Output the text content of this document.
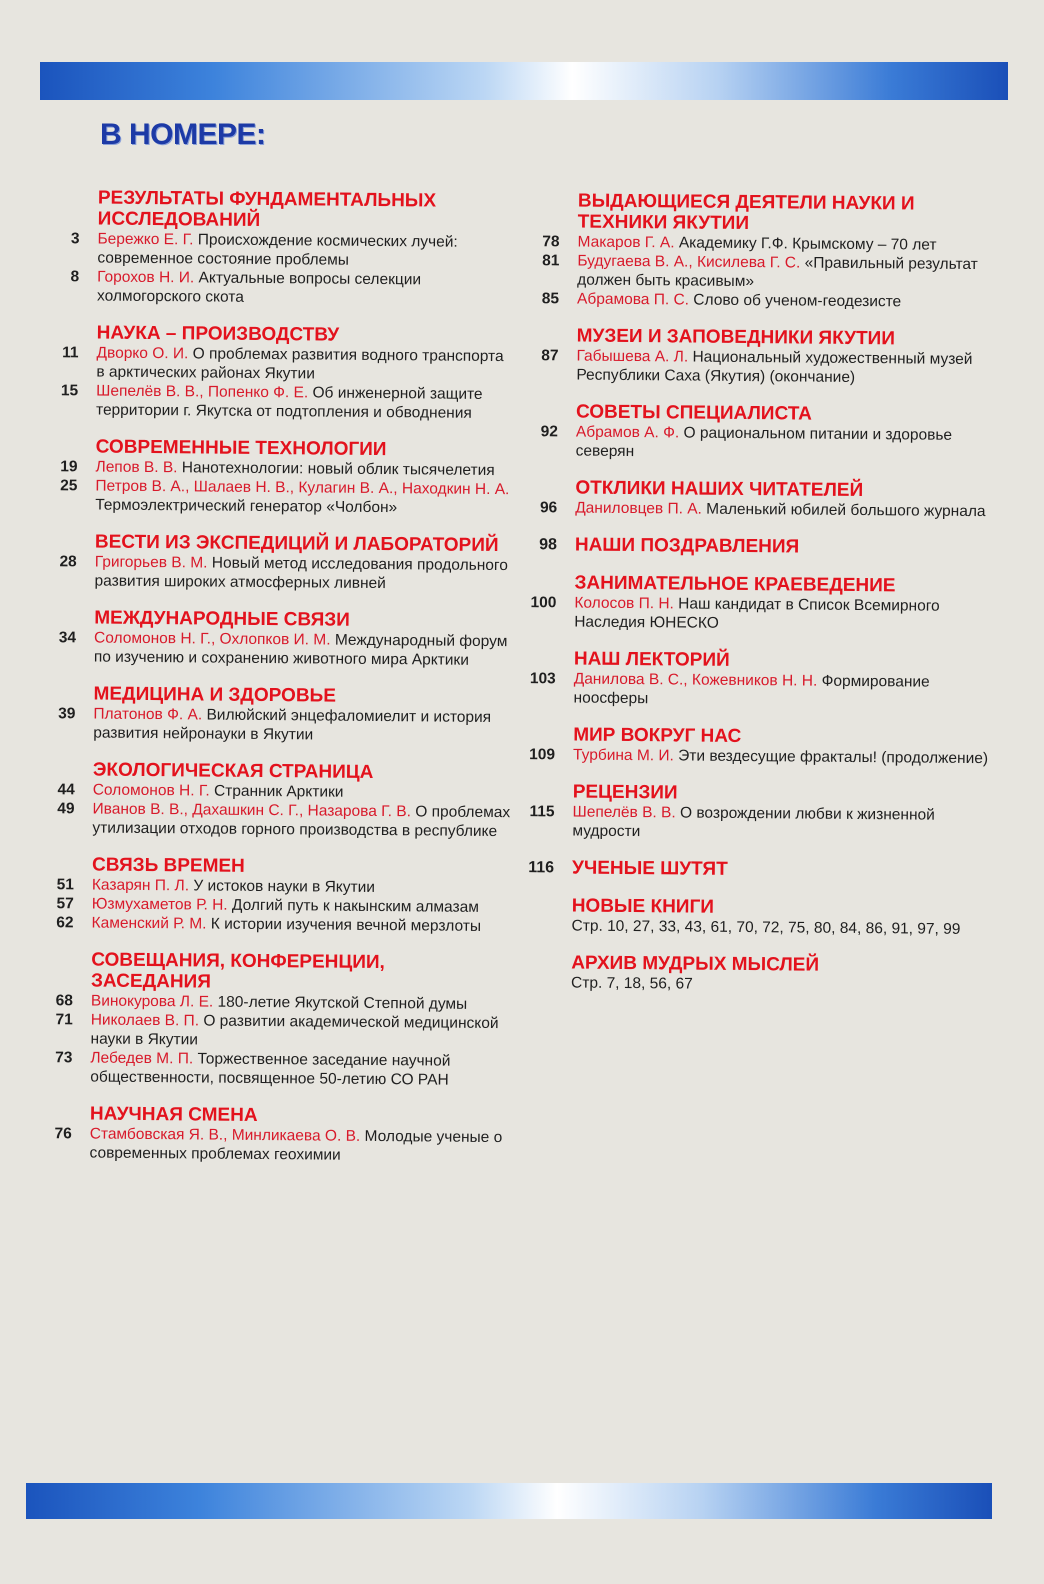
В НОМЕРЕ:
РЕЗУЛЬТАТЫ ФУНДАМЕНТАЛЬНЫХ ИССЛЕДОВАНИЙ
3 Бережко Е. Г. Происхождение космических лучей: современное состояние проблемы
8 Горохов Н. И. Актуальные вопросы селекции холмогорского скота
НАУКА – ПРОИЗВОДСТВУ
11 Дворко О. И. О проблемах развития водного транспорта в арктических районах Якутии
15 Шепелёв В. В., Попенко Ф. Е. Об инженерной защите территории г. Якутска от подтопления и обводнения
СОВРЕМЕННЫЕ ТЕХНОЛОГИИ
19 Лепов В. В. Нанотехнологии: новый облик тысячелетия
25 Петров В. А., Шалаев Н. В., Кулагин В. А., Находкин Н. А. Термоэлектрический генератор «Чолбон»
ВЕСТИ ИЗ ЭКСПЕДИЦИЙ И ЛАБОРАТОРИЙ
28 Григорьев В. М. Новый метод исследования продольного развития широких атмосферных ливней
МЕЖДУНАРОДНЫЕ СВЯЗИ
34 Соломонов Н. Г., Охлопков И. М. Международный форум по изучению и сохранению животного мира Арктики
МЕДИЦИНА И ЗДОРОВЬЕ
39 Платонов Ф. А. Вилюйский энцефаломиелит и история развития нейронауки в Якутии
ЭКОЛОГИЧЕСКАЯ СТРАНИЦА
44 Соломонов Н. Г. Странник Арктики
49 Иванов В. В., Дахашкин С. Г., Назарова Г. В. О проблемах утилизации отходов горного производства в республике
СВЯЗЬ ВРЕМЕН
51 Казарян П. Л. У истоков науки в Якутии
57 Юзмухаметов Р. Н. Долгий путь к накынским алмазам
62 Каменский Р. М. К истории изучения вечной мерзлоты
СОВЕЩАНИЯ, КОНФЕРЕНЦИИ, ЗАСЕДАНИЯ
68 Винокурова Л. Е. 180-летие Якутской Степной думы
71 Николаев В. П. О развитии академической медицинской науки в Якутии
73 Лебедев М. П. Торжественное заседание научной общественности, посвященное 50-летию СО РАН
НАУЧНАЯ СМЕНА
76 Стамбовская Я. В., Минликаева О. В. Молодые ученые о современных проблемах геохимии
ВЫДАЮЩИЕСЯ ДЕЯТЕЛИ НАУКИ И ТЕХНИКИ ЯКУТИИ
78 Макаров Г. А. Академику Г.Ф. Крымскому – 70 лет
81 Будугаева В. А., Кисилева Г. С. «Правильный результат должен быть красивым»
85 Абрамова П. С. Слово об ученом-геодезисте
МУЗЕИ И ЗАПОВЕДНИКИ ЯКУТИИ
87 Габышева А. Л. Национальный художественный музей Республики Саха (Якутия) (окончание)
СОВЕТЫ СПЕЦИАЛИСТА
92 Абрамов А. Ф. О рациональном питании и здоровье северян
ОТКЛИКИ НАШИХ ЧИТАТЕЛЕЙ
96 Даниловцев П. А. Маленький юбилей большого журнала
98 НАШИ ПОЗДРАВЛЕНИЯ
ЗАНИМАТЕЛЬНОЕ КРАЕВЕДЕНИЕ
100 Колосов П. Н. Наш кандидат в Список Всемирного Наследия ЮНЕСКО
НАШ ЛЕКТОРИЙ
103 Данилова В. С., Кожевников Н. Н. Формирование ноосферы
МИР ВОКРУГ НАС
109 Турбина М. И. Эти вездесущие фракталы! (продолжение)
РЕЦЕНЗИИ
115 Шепелёв В. В. О возрождении любви к жизненной мудрости
116 УЧЕНЫЕ ШУТЯТ
НОВЫЕ КНИГИ
Стр. 10, 27, 33, 43, 61, 70, 72, 75, 80, 84, 86, 91, 97, 99
АРХИВ МУДРЫХ МЫСЛЕЙ
Стр. 7, 18, 56, 67
